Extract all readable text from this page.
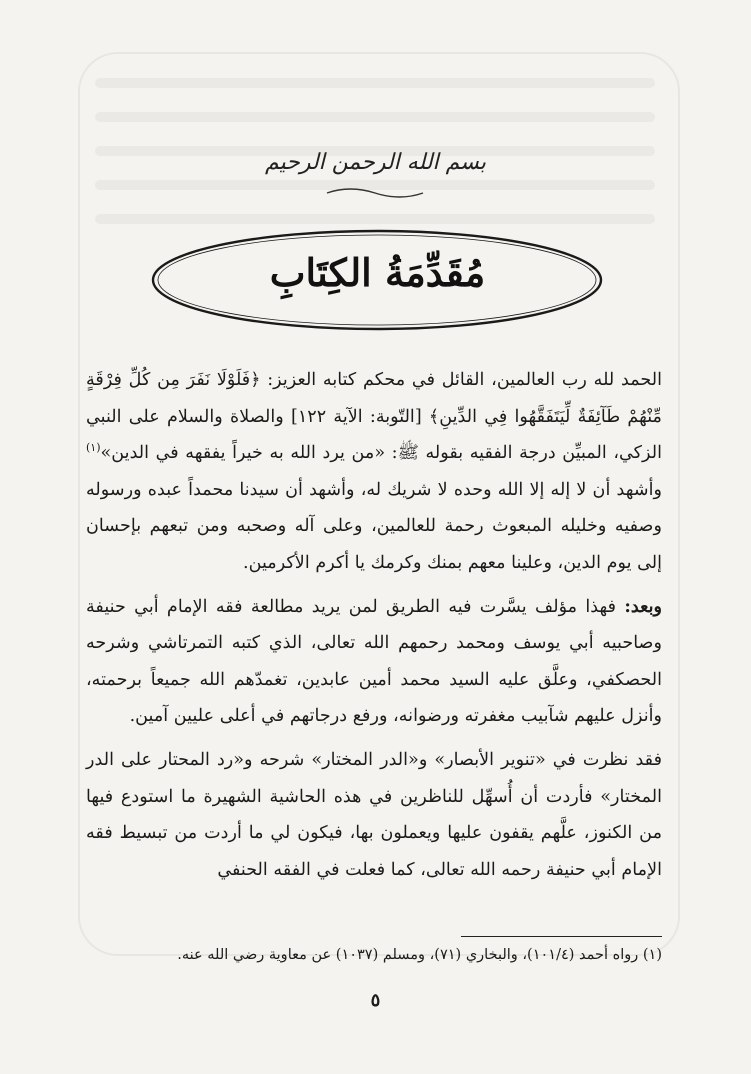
بسم الله الرحمن الرحيم
مُقَدِّمَةُ الكِتَابِ

الحمد لله رب العالمين، القائل في محكم كتابه العزيز: ﴿فَلَوْلَا نَفَرَ مِن كُلِّ فِرْقَةٍ مِّنْهُمْ طَآئِفَةٌ لِّيَتَفَقَّهُوا فِي الدِّينِ﴾ [التّوبة: الآية ١٢٢] والصلاة والسلام على النبي الزكي، المبيِّن درجة الفقيه بقوله ﷺ: «من يرد الله به خيراً يفقهه في الدين»$^{(١)}$ وأشهد أن لا إله إلا الله وحده لا شريك له، وأشهد أن سيدنا محمداً عبده ورسوله وصفيه وخليله المبعوث رحمة للعالمين، وعلى آله وصحبه ومن تبعهم بإحسان إلى يوم الدين، وعلينا معهم بمنك وكرمك يا أكرم الأكرمين.

وبعد: فهذا مؤلف يسَّرت فيه الطريق لمن يريد مطالعة فقه الإمام أبي حنيفة وصاحبيه أبي يوسف ومحمد رحمهم الله تعالى، الذي كتبه التمرتاشي وشرحه الحصكفي، وعلَّق عليه السيد محمد أمين عابدين، تغمدّهم الله جميعاً برحمته، وأنزل عليهم شآبيب مغفرته ورضوانه، ورفع درجاتهم في أعلى عليين آمين.

فقد نظرت في «تنوير الأبصار» و«الدر المختار» شرحه و«رد المحتار على الدر المختار» فأردت أن أُسهِّل للناظرين في هذه الحاشية الشهيرة ما استودع فيها من الكنوز، علَّهم يقفون عليها ويعملون بها، فيكون لي ما أردت من تبسيط فقه الإمام أبي حنيفة رحمه الله تعالى، كما فعلت في الفقه الحنفي

(١) رواه أحمد (١٠١/٤)، والبخاري (٧١)، ومسلم (١٠٣٧) عن معاوية رضي الله عنه.
٥
